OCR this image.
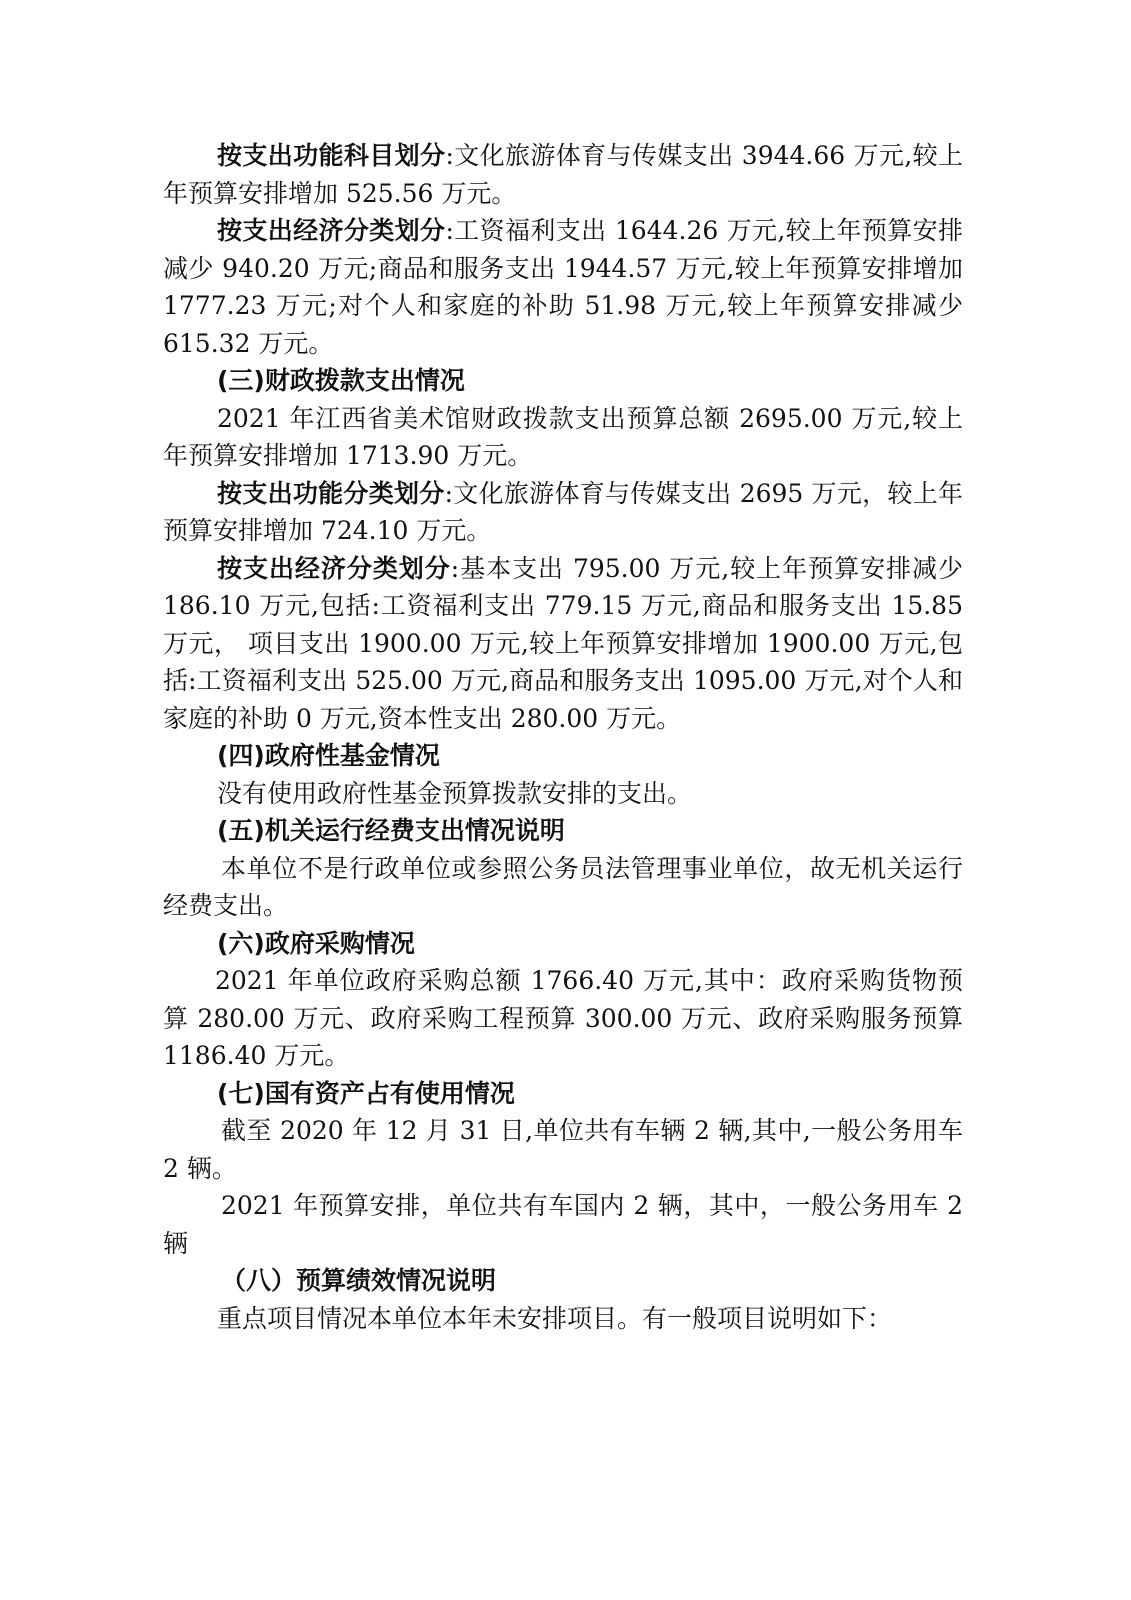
按支出功能科目划分:文化旅游体育与传媒支出 3944.66 万元,较上年预算安排增加 525.56 万元。

按支出经济分类划分:工资福利支出 1644.26 万元,较上年预算安排减少 940.20 万元;商品和服务支出 1944.57 万元,较上年预算安排增加 1777.23 万元;对个人和家庭的补助 51.98 万元,较上年预算安排减少 615.32 万元。

(三)财政拨款支出情况

2021 年江西省美术馆财政拨款支出预算总额 2695.00 万元,较上年预算安排增加 1713.90 万元。

按支出功能分类划分:文化旅游体育与传媒支出 2695 万元，较上年预算安排增加 724.10 万元。

按支出经济分类划分:基本支出 795.00 万元,较上年预算安排减少 186.10 万元,包括:工资福利支出 779.15 万元,商品和服务支出 15.85 万元， 项目支出 1900.00 万元,较上年预算安排增加 1900.00 万元,包括:工资福利支出 525.00 万元,商品和服务支出 1095.00 万元,对个人和家庭的补助 0 万元,资本性支出 280.00 万元。

(四)政府性基金情况

没有使用政府性基金预算拨款安排的支出。

(五)机关运行经费支出情况说明

本单位不是行政单位或参照公务员法管理事业单位，故无机关运行经费支出。

(六)政府采购情况

2021 年单位政府采购总额 1766.40 万元,其中：政府采购货物预算 280.00 万元、政府采购工程预算 300.00 万元、政府采购服务预算 1186.40 万元。

(七)国有资产占有使用情况

截至 2020 年 12 月 31 日,单位共有车辆 2 辆,其中,一般公务用车 2 辆。

2021 年预算安排，单位共有车国内 2 辆，其中，一般公务用车 2 辆

（八）预算绩效情况说明

重点项目情况本单位本年未安排项目。有一般项目说明如下：
